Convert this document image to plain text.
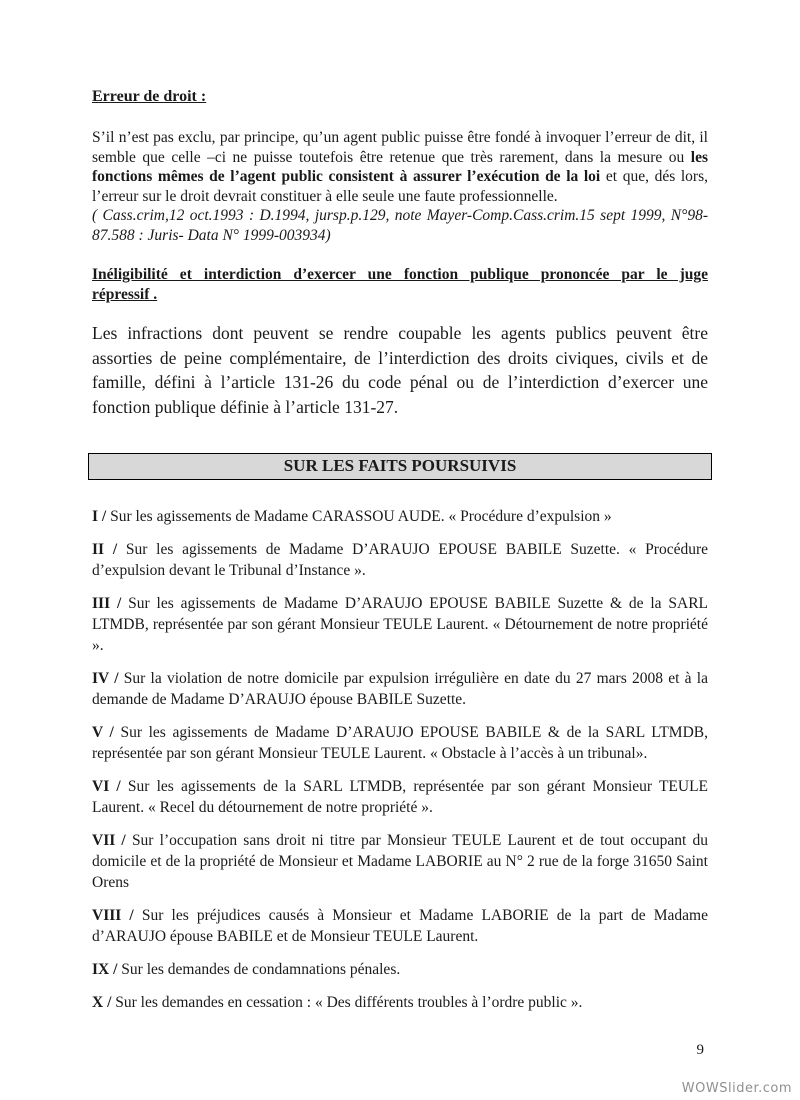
Erreur de droit :

S’il n’est pas exclu, par principe, qu’un agent public puisse être fondé à invoquer l’erreur de dit, il semble que celle –ci ne puisse toutefois être retenue que très rarement, dans la mesure ou les fonctions mêmes de l’agent public consistent à assurer l’exécution de la loi et que, dés lors, l’erreur sur le droit devrait constituer à elle seule une faute professionnelle.

( Cass.crim,12 oct.1993 : D.1994, jursp.p.129, note Mayer-Comp.Cass.crim.15 sept 1999, N°98-87.588 : Juris- Data N° 1999-003934)

Inéligibilité et interdiction d’exercer une fonction publique prononcée par le juge
répressif .

Les infractions dont peuvent se rendre coupable les agents publics peuvent être assorties de peine complémentaire, de l’interdiction des droits civiques, civils et de famille, défini à l’article 131-26 du code pénal ou de l’interdiction d’exercer une fonction publique définie à l’article 131-27.

SUR LES FAITS POURSUIVIS

I / Sur les agissements de Madame CARASSOU AUDE. « Procédure d’expulsion »

II / Sur les agissements de Madame D’ARAUJO EPOUSE BABILE Suzette. « Procédure d’expulsion devant le Tribunal d’Instance ».

III / Sur les agissements de Madame D’ARAUJO EPOUSE BABILE Suzette & de la SARL LTMDB, représentée par son gérant Monsieur TEULE Laurent. « Détournement de notre propriété ».

IV / Sur la violation de notre domicile par expulsion irrégulière en date du 27 mars 2008 et à la demande de Madame D’ARAUJO épouse BABILE Suzette.

V / Sur les agissements de Madame D’ARAUJO EPOUSE BABILE & de la SARL LTMDB, représentée par son gérant Monsieur TEULE Laurent. « Obstacle à l’accès à un tribunal».

VI / Sur les agissements de la SARL LTMDB, représentée par son gérant Monsieur TEULE Laurent. « Recel du détournement de notre propriété ».

VII / Sur l’occupation sans droit ni titre par Monsieur TEULE Laurent et de tout occupant du domicile et de la propriété de Monsieur et Madame LABORIE au N° 2 rue de la forge 31650 Saint Orens

VIII / Sur les préjudices causés à Monsieur et Madame LABORIE de la part de Madame d’ARAUJO épouse BABILE et de Monsieur TEULE Laurent.

IX / Sur les demandes de condamnations pénales.

X / Sur les demandes en cessation : « Des différents troubles à l’ordre public ».

9
WOWSlider.com
